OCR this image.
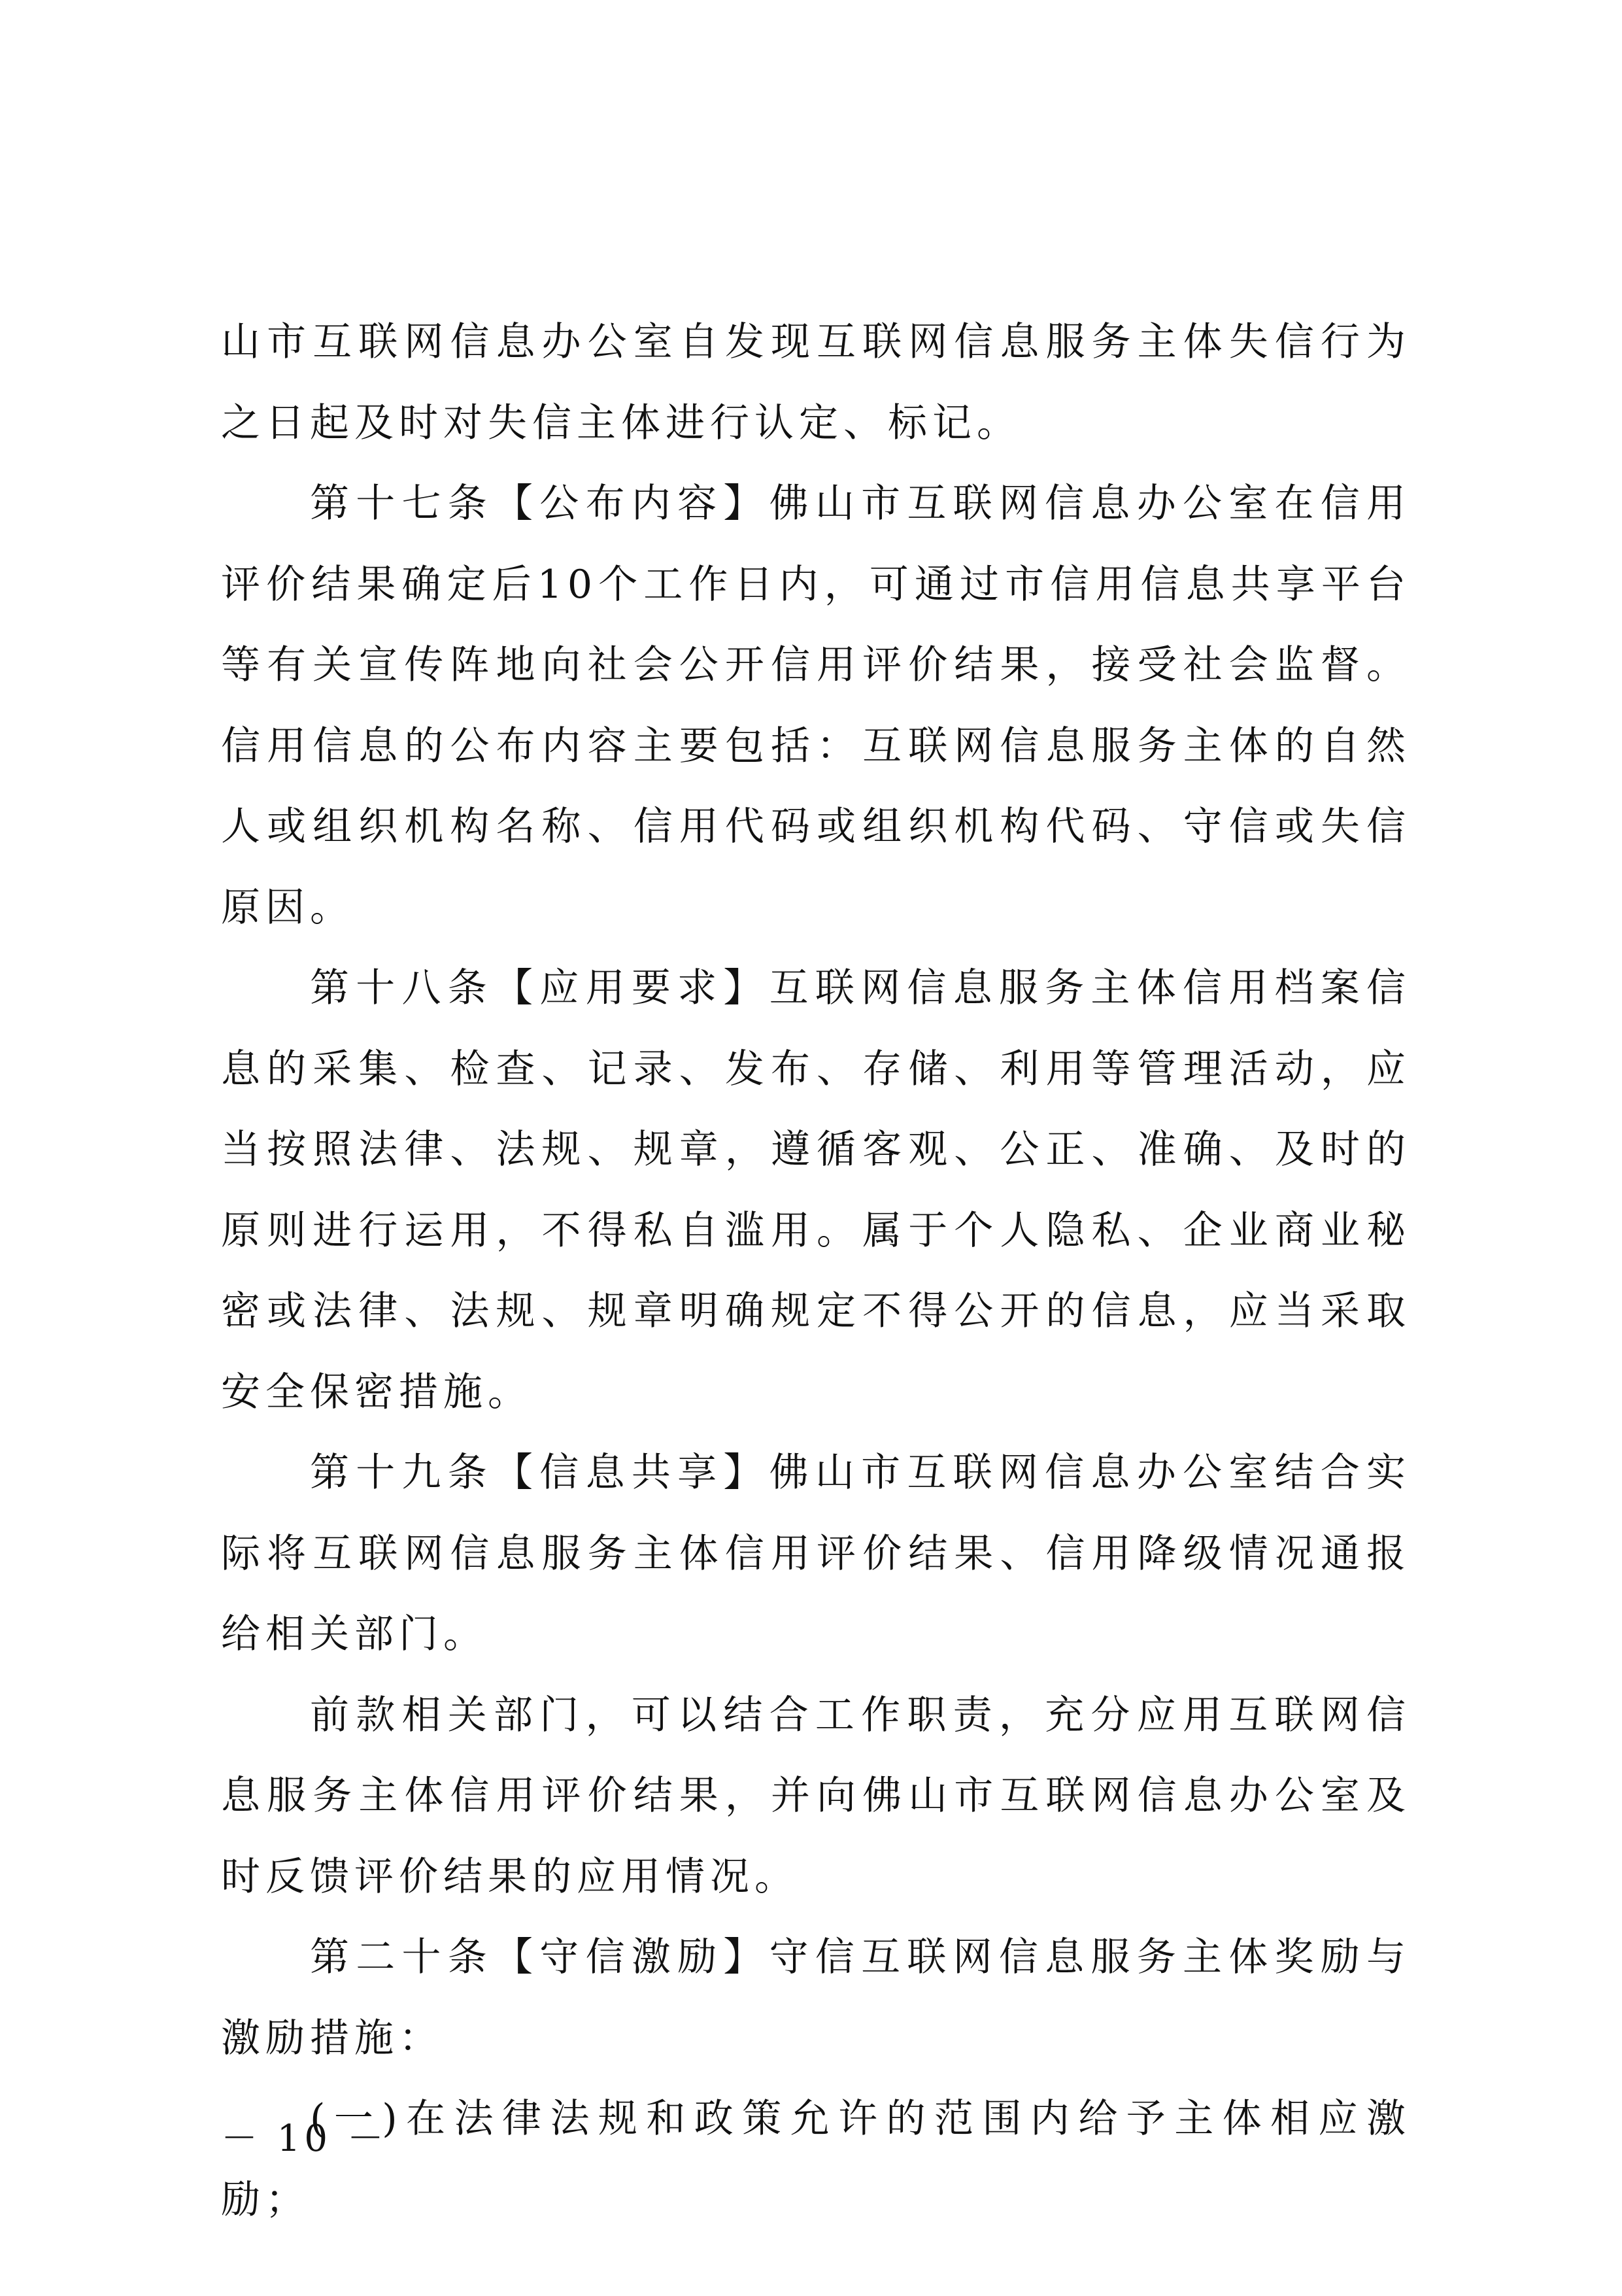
山市互联网信息办公室自发现互联网信息服务主体失信行为之日起及时对失信主体进行认定、标记。

第十七条【公布内容】佛山市互联网信息办公室在信用评价结果确定后10个工作日内，可通过市信用信息共享平台等有关宣传阵地向社会公开信用评价结果，接受社会监督。信用信息的公布内容主要包括：互联网信息服务主体的自然人或组织机构名称、信用代码或组织机构代码、守信或失信原因。

第十八条【应用要求】互联网信息服务主体信用档案信息的采集、检查、记录、发布、存储、利用等管理活动，应当按照法律、法规、规章，遵循客观、公正、准确、及时的原则进行运用，不得私自滥用。属于个人隐私、企业商业秘密或法律、法规、规章明确规定不得公开的信息，应当采取安全保密措施。

第十九条【信息共享】佛山市互联网信息办公室结合实际将互联网信息服务主体信用评价结果、信用降级情况通报给相关部门。

前款相关部门，可以结合工作职责，充分应用互联网信息服务主体信用评价结果，并向佛山市互联网信息办公室及时反馈评价结果的应用情况。

第二十条【守信激励】守信互联网信息服务主体奖励与激励措施：

(一)在法律法规和政策允许的范围内给予主体相应激励；

－ 10 －
